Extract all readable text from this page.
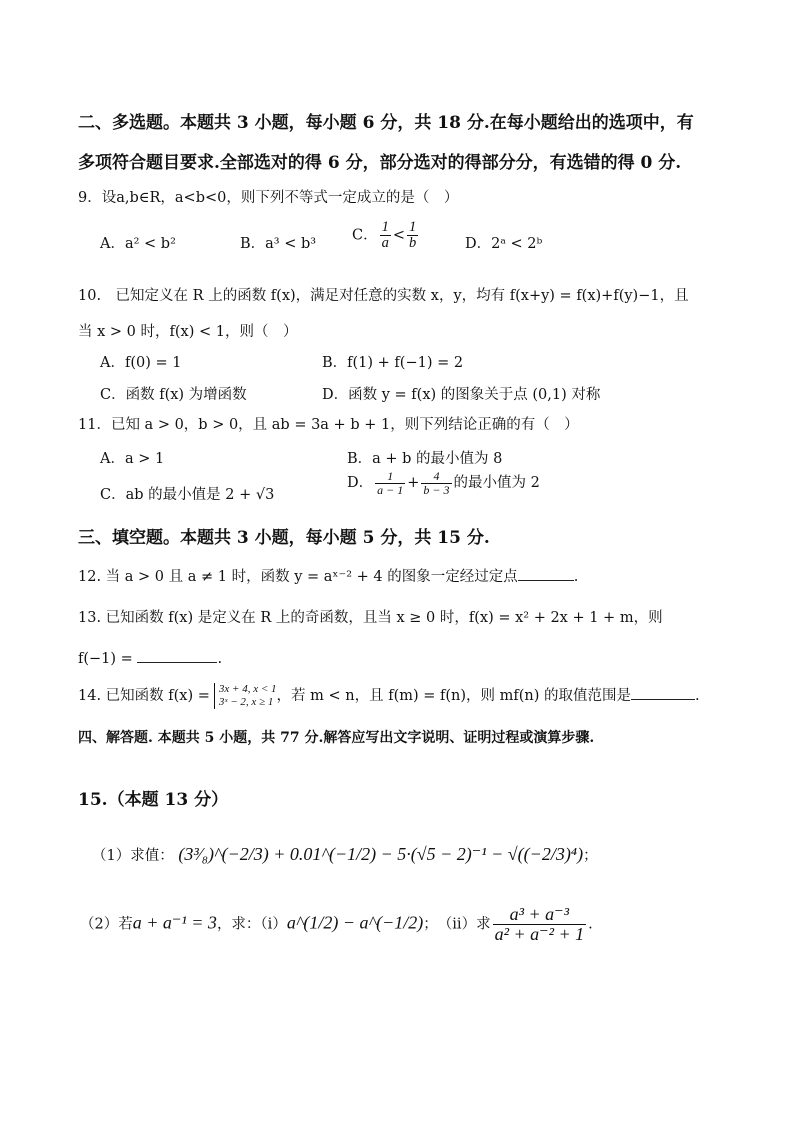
二、多选题。本题共 3 小题，每小题 6 分，共 18 分.在每小题给出的选项中，有
多项符合题目要求.全部选对的得 6 分，部分选对的得部分分，有选错的得 0 分.
9．设a,b∈R，a<b<0，则下列不等式一定成立的是（　）
A．a² < b²	B．a³ < b³
C． $\frac{1}{a} < \frac{1}{b}$	D．2ᵃ < 2ᵇ
10.　已知定义在 R 上的函数 f(x)，满足对任意的实数 x，y，均有 f(x+y) = f(x)+f(y)−1，且
当 x > 0 时，f(x) < 1，则（　）
A．f(0) = 1	B．f(1) + f(−1) = 2
C．函数 f(x) 为增函数	D．函数 y = f(x) 的图象关于点 (0,1) 对称
11．已知 a > 0，b > 0，且 ab = 3a + b + 1，则下列结论正确的有（　）
A．a > 1	B．a + b 的最小值为 8
C．ab 的最小值是 2 + √3
D． $\frac{1}{a - 1} + \frac{4}{b - 3}$ 的最小值为 2
三、填空题。本题共 3 小题，每小题 5 分，共 15 分.
12. 当 a > 0 且 a ≠ 1 时，函数 y = aˣ⁻² + 4 的图象一定经过定点	.
13. 已知函数 f(x) 是定义在 R 上的奇函数，且当 x ≥ 0 时，f(x) = x² + 2x + 1 + m，则
f(−1) =	.
14. 已知函数 f(x) = 3x + 4, x < 1
3ˣ − 2, x ≥ 1 ，若 m < n，且 f(m) = f(n)，则 mf(n) 的取值范围是	.
四、解答题. 本题共 5 小题，共 77 分.解答应写出文字说明、证明过程或演算步骤.
15.（本题 13 分）
（1）求值： (3³⁄₈)^(−2/3) + 0.01^(−1/2) − 5·(√5 − 2)⁻¹ − √((−2/3)⁴)；
（2）若a + a⁻¹ = 3，求：（i）a^(1/2) − a^(−1/2)；　（ii）求 $\frac{\text{a³ + a⁻³}}{\text{a² + a⁻² + 1}}$ .
